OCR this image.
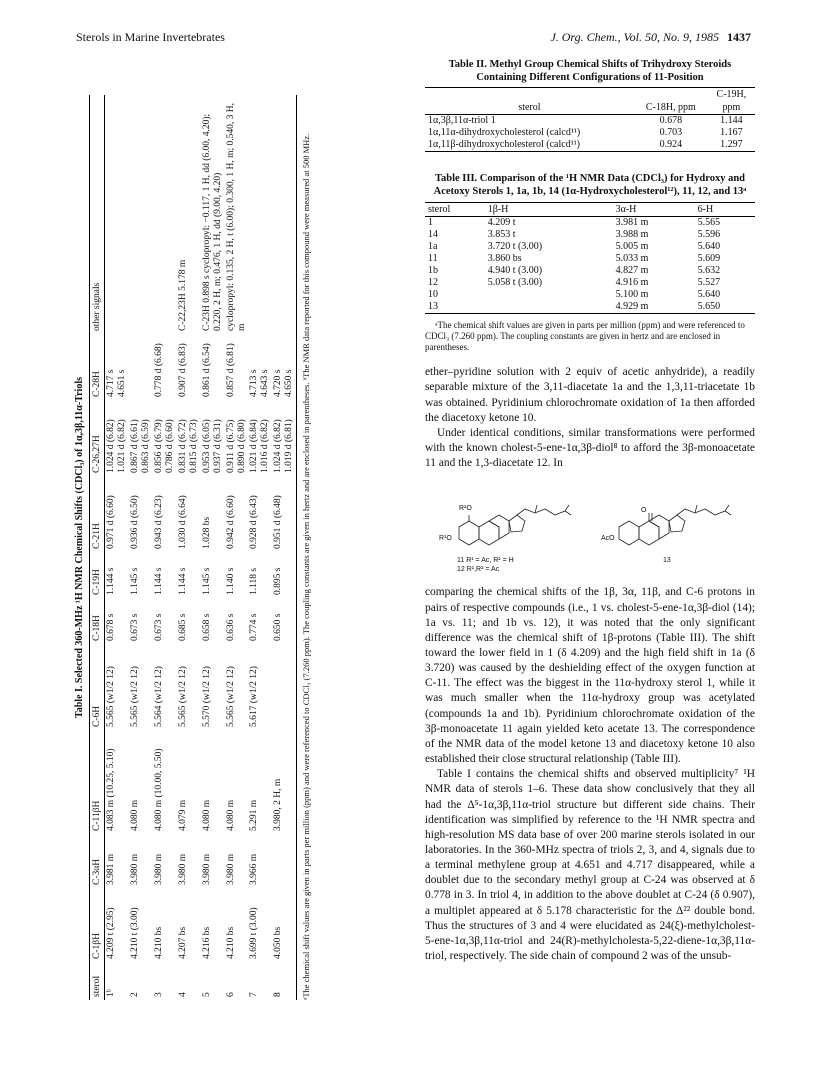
Sterols in Marine Invertebrates	J. Org. Chem., Vol. 50, No. 9, 1985 1437
Table I. Selected 360-MHz ¹H NMR Chemical Shifts (CDCl₃) of 1α,3β,11α-Triols
sterol	C-1βH	C-3αH	C-11βH	C-6H	C-18H	C-19H	C-21H	C-26,27H	C-28H	other signals
1ᵇ	4.209 t (2.95)	3.981 m	4.083 m (10.25, 5.10)	5.565 (w1/2 12)	0.678 s	1.144 s	0.971 d (6.60)	1.024 d (6.82) 1.021 d (6.82)	4.717 s 4.651 s	

2	4.210 t (3.00)	3.980 m	4.080 m	5.565 (w1/2 12)	0.673 s	1.145 s	0.936 d (6.50)	0.867 d (6.61) 0.863 d (6.59)		

3	4.210 bs	3.980 m	4.080 m (10.00, 5.50)	5.564 (w1/2 12)	0.673 s	1.144 s	0.943 d (6.23)	0.856 d (6.79) 0.786 d (6.60)	0.778 d (6.68)	

4	4.207 bs	3.980 m	4.079 m	5.565 (w1/2 12)	0.685 s	1.144 s	1.030 d (6.64)	0.831 d (6.72) 0.815 d (6.73)	0.907 d (6.83)	C-22,23H 5.178 m
5	4.216 bs	3.980 m	4.080 m	5.570 (w1/2 12)	0.658 s	1.145 s	1.028 bs	0.953 d (6.05) 0.937 d (6.31)	0.861 d (6.54)	C-23H 0.898 s cyclopropyl: −0.117, 1 H, dd (6.00, 4.20); 0.220, 2 H, m; 0.476, 1 H, dd (9.00, 4.20)
6	4.210 bs	3.980 m	4.080 m	5.565 (w1/2 12)	0.636 s	1.140 s	0.942 d (6.60)	0.911 d (6.75) 0.890 d (6.80)	0.857 d (6.81)	cyclopropyl: 0.135, 2 H, t (6.00); 0.300, 1 H, m; 0.540, 3 H, m
7	3.699 t (3.00)	3.966 m	5.291 m	5.617 (w1/2 12)	0.774 s	1.118 s	0.928 d (6.43)	1.021 d (6.84) 1.016 d (6.82)	4.713 s 4.643 s	

8	4.050 bs		3.980, 2 H, m		0.650 s	0.895 s	0.951 d (6.48)	1.024 d (6.82) 1.019 d (6.81)	4.720 s 4.650 s	
	ᵃThe chemical shift values are given in parts per million (ppm) and were referenced to CDCl₃ (7.260 ppm). The coupling constants are given in hertz and are enclosed in parentheses. ᵇThe NMR data reported for this compound were measured at 500 MHz.
Table II. Methyl Group Chemical Shifts of Trihydroxy Steroids Containing Different Configurations of 11-Position
		C-19H,
sterol	C-18H, ppm	ppm
1α,3β,11α-triol 1	0.678	1.144
1α,11α-dihydroxycholesterol (calcd¹¹)	0.703	1.167
1α,11β-dihydroxycholesterol (calcd¹¹)	0.924	1.297
Table III. Comparison of the ¹H NMR Data (CDCl₃) for Hydroxy and Acetoxy Sterols 1, 1a, 1b, 14 (1α-Hydroxycholesterol¹²), 11, 12, and 13ᵃ
sterol	1β-H	3α-H	6-H
1	4.209 t	3.981 m	5.565
14	3.853 t	3.988 m	5.596
1a	3.720 t (3.00)	5.005 m	5.640
11	3.860 bs	5.033 m	5.609
1b	4.940 t (3.00)	4.827 m	5.632
12	5.058 t (3.00)	4.916 m	5.527
10		5.100 m	5.640
13		4.929 m	5.650
ᵃThe chemical shift values are given in parts per million (ppm) and were referenced to CDCl₃ (7.260 ppm). The coupling constants are given in hertz and are enclosed in parentheses.

ether–pyridine solution with 2 equiv of acetic anhydride), a readily separable mixture of the 3,11-diacetate 1a and the 1,3,11-triacetate 1b was obtained. Pyridinium chlorochromate oxidation of 1a then afforded the diacetoxy ketone 10.

Under identical conditions, similar transformations were performed with the known cholest-5-ene-1α,3β-diol⁸ to afford the 3β-monoacetate 11 and the 1,3-diacetate 12. In

R²O
R¹O
O
AcO
11 R¹ = Ac, R² = H
12 R¹,R² = Ac
13

comparing the chemical shifts of the 1β, 3α, 11β, and C-6 protons in pairs of respective compounds (i.e., 1 vs. cholest-5-ene-1α,3β-diol (14); 1a vs. 11; and 1b vs. 12), it was noted that the only significant difference was the chemical shift of 1β-protons (Table III). The shift toward the lower field in 1 (δ 4.209) and the high field shift in 1a (δ 3.720) was caused by the deshielding effect of the oxygen function at C-11. The effect was the biggest in the 11α-hydroxy sterol 1, while it was much smaller when the 11α-hydroxy group was acetylated (compounds 1a and 1b). Pyridinium chlorochromate oxidation of the 3β-monoacetate 11 again yielded keto acetate 13. The correspondence of the NMR data of the model ketone 13 and diacetoxy ketone 10 also established their close structural relationship (Table III).

Table I contains the chemical shifts and observed multiplicity⁷ ¹H NMR data of sterols 1–6. These data show conclusively that they all had the Δ⁵-1α,3β,11α-triol structure but different side chains. Their identification was simplified by reference to the ¹H NMR spectra and high-resolution MS data base of over 200 marine sterols isolated in our laboratories. In the 360-MHz spectra of triols 2, 3, and 4, signals due to a terminal methylene group at 4.651 and 4.717 disappeared, while a doublet due to the secondary methyl group at C-24 was observed at δ 0.778 in 3. In triol 4, in addition to the above doublet at C-24 (δ 0.907), a multiplet appeared at δ 5.178 characteristic for the Δ²² double bond. Thus the structures of 3 and 4 were elucidated as 24(ξ)-methylcholest-5-ene-1α,3β,11α-triol and 24(R)-methylcholesta-5,22-diene-1α,3β,11α-triol, respectively. The side chain of compound 2 was of the unsub-
